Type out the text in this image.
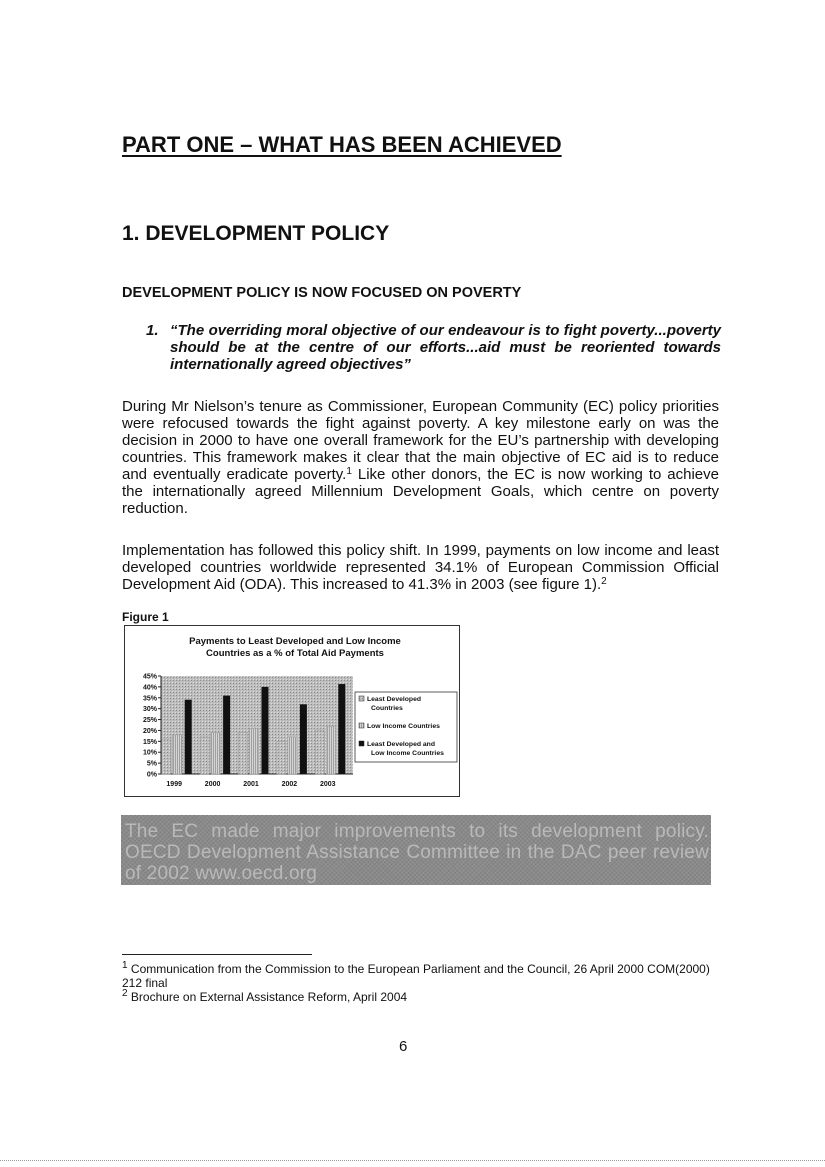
PART ONE – WHAT HAS BEEN ACHIEVED
1. DEVELOPMENT POLICY
DEVELOPMENT POLICY IS NOW FOCUSED ON POVERTY
1. “The overriding moral objective of our endeavour is to fight poverty...poverty should be at the centre of our efforts...aid must be reoriented towards internationally agreed objectives”

During Mr Nielson’s tenure as Commissioner, European Community (EC) policy priorities were refocused towards the fight against poverty. A key milestone early on was the decision in 2000 to have one overall framework for the EU’s partnership with developing countries. This framework makes it clear that the main objective of EC aid is to reduce and eventually eradicate poverty.$^1$ Like other donors, the EC is now working to achieve the internationally agreed Millennium Development Goals, which centre on poverty reduction.

Implementation has followed this policy shift. In 1999, payments on low income and least developed countries worldwide represented 34.1% of European Commission Official Development Aid (ODA). This increased to 41.3% in 2003 (see figure 1).$^2$

Figure 1
Payments to Least Developed and Low Income
Countries as a % of Total Aid Payments
0%
5%
10%
15%
20%
25%
30%
35%
40%
45%
1999	2000	2001	2002	2003
Least Developed
Countries
Low Income Countries
Least Developed and
Low Income Countries

The EC made major improvements to its development policy. OECD Development Assistance Committee in the DAC peer review of 2002 www.oecd.org

$^1$ Communication from the Commission to the European Parliament and the Council, 26 April 2000 COM(2000) 212 final

$^2$ Brochure on External Assistance Reform, April 2004

6
